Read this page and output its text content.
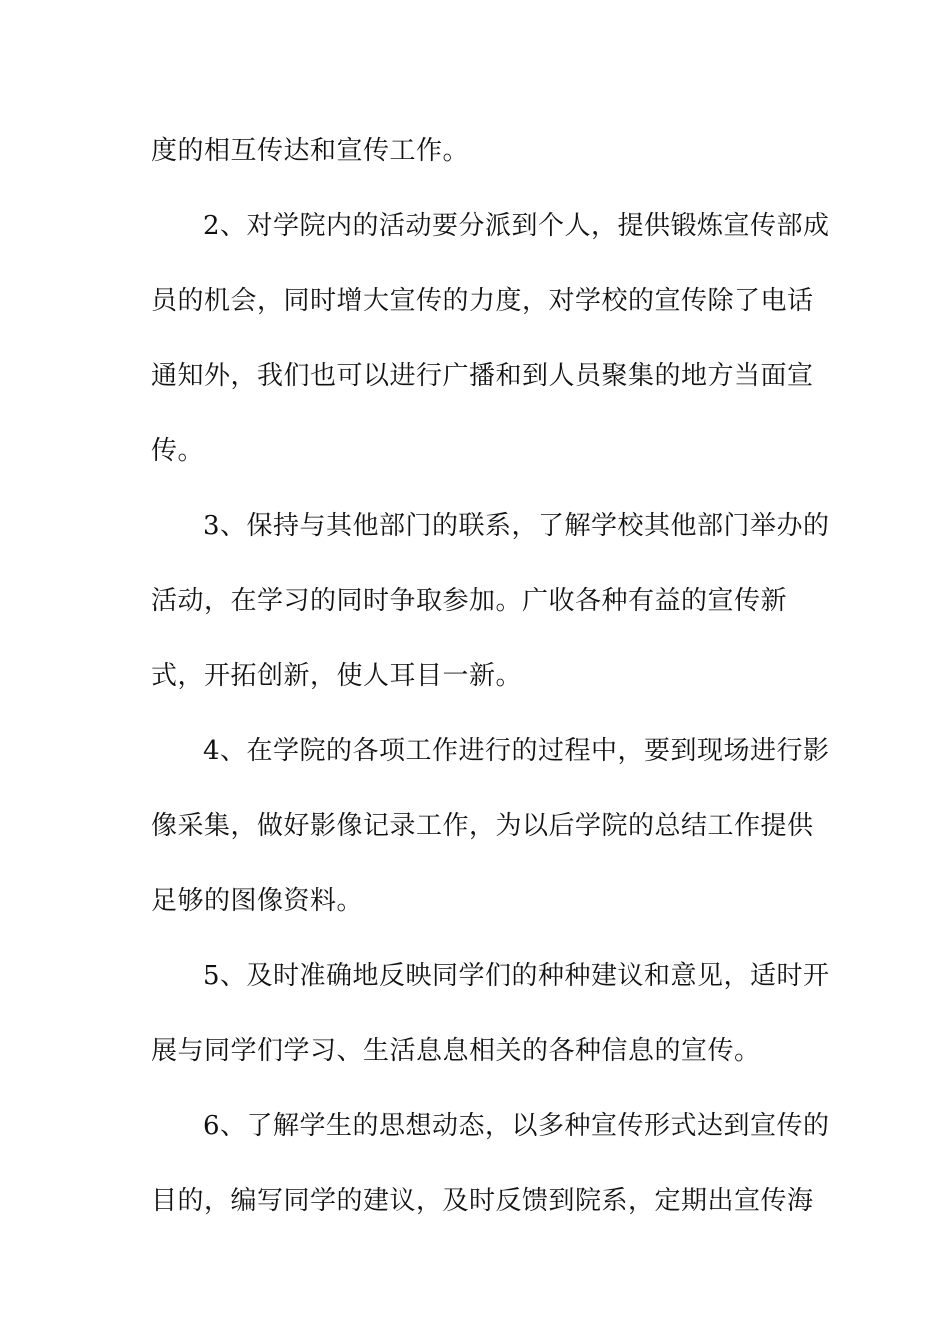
度的相互传达和宣传工作。

2、对学院内的活动要分派到个人，提供锻炼宣传部成

员的机会，同时增大宣传的力度，对学校的宣传除了电话

通知外，我们也可以进行广播和到人员聚集的地方当面宣

传。

3、保持与其他部门的联系，了解学校其他部门举办的

活动，在学习的同时争取参加。广收各种有益的宣传新

式，开拓创新，使人耳目一新。

4、在学院的各项工作进行的过程中，要到现场进行影

像采集，做好影像记录工作，为以后学院的总结工作提供

足够的图像资料。

5、及时准确地反映同学们的种种建议和意见，适时开

展与同学们学习、生活息息相关的各种信息的宣传。

6、了解学生的思想动态，以多种宣传形式达到宣传的

目的，编写同学的建议，及时反馈到院系，定期出宣传海
